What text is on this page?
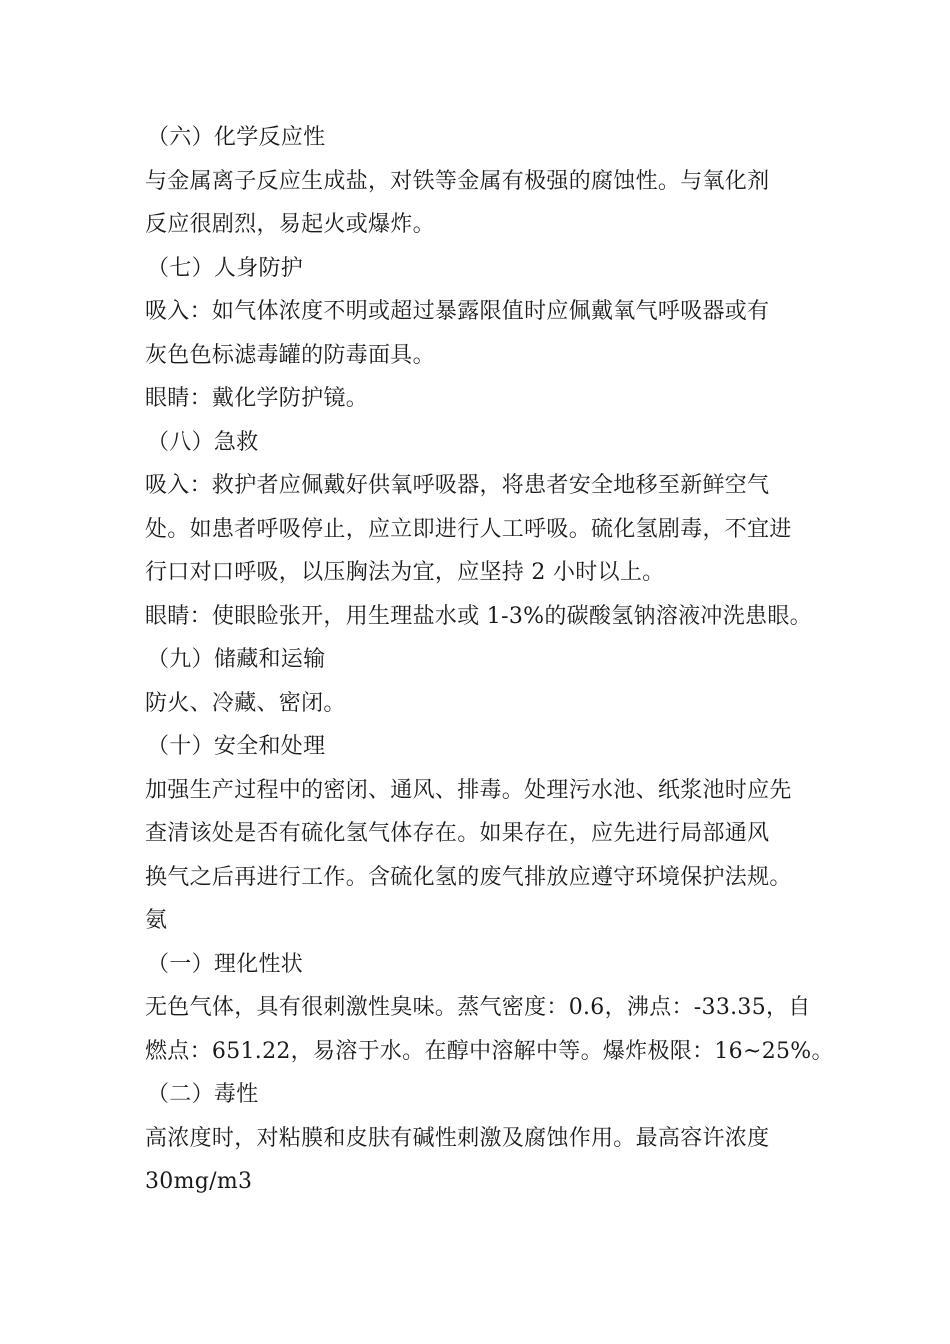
（六）化学反应性
与金属离子反应生成盐，对铁等金属有极强的腐蚀性。与氧化剂
反应很剧烈，易起火或爆炸。
（七）人身防护
吸入：如气体浓度不明或超过暴露限值时应佩戴氧气呼吸器或有
灰色色标滤毒罐的防毒面具。
眼睛：戴化学防护镜。
（八）急救
吸入：救护者应佩戴好供氧呼吸器，将患者安全地移至新鲜空气
处。如患者呼吸停止，应立即进行人工呼吸。硫化氢剧毒，不宜进
行口对口呼吸，以压胸法为宜，应坚持 2 小时以上。
眼睛：使眼睑张开，用生理盐水或 1-3%的碳酸氢钠溶液冲洗患眼。
（九）储藏和运输
防火、冷藏、密闭。
（十）安全和处理
加强生产过程中的密闭、通风、排毒。处理污水池、纸浆池时应先
查清该处是否有硫化氢气体存在。如果存在，应先进行局部通风
换气之后再进行工作。含硫化氢的废气排放应遵守环境保护法规。
氨
（一）理化性状
无色气体，具有很刺激性臭味。蒸气密度：0.6，沸点：-33.35，自
燃点：651.22，易溶于水。在醇中溶解中等。爆炸极限：16~25%。
（二）毒性
高浓度时，对粘膜和皮肤有碱性刺激及腐蚀作用。最高容许浓度
30mg/m3
